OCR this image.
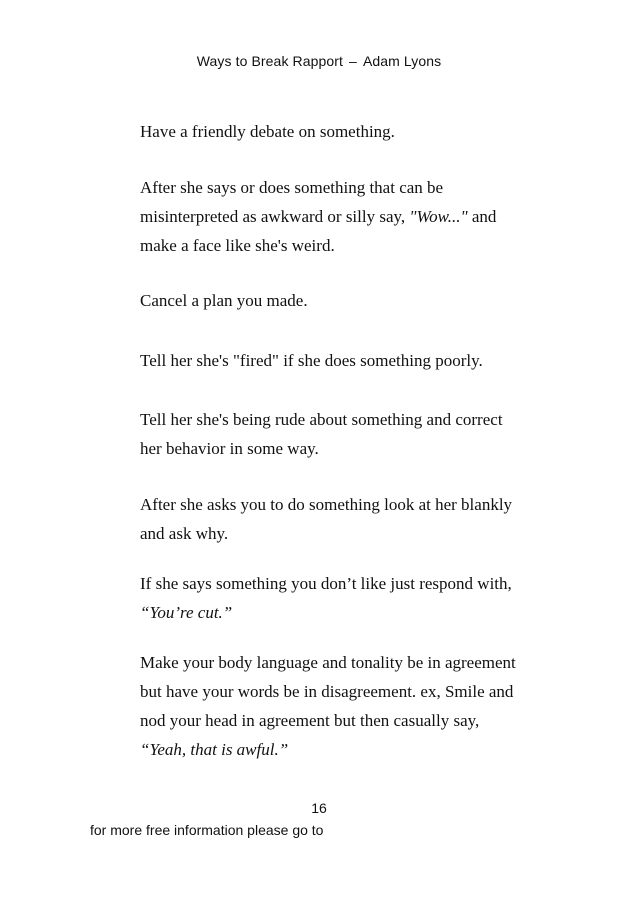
Ways to Break Rapport – Adam Lyons

Have a friendly debate on something.

After she says or does something that can be
misinterpreted as awkward or silly say, "Wow..." and
make a face like she's weird.

Cancel a plan you made.

Tell her she's "fired" if she does something poorly.

Tell her she's being rude about something and correct
her behavior in some way.

After she asks you to do something look at her blankly
and ask why.

If she says something you don’t like just respond with,
“You’re cut.”

Make your body language and tonality be in agreement
but have your words be in disagreement. ex, Smile and
nod your head in agreement but then casually say,
“Yeah, that is awful.”

16
for more free information please go to
